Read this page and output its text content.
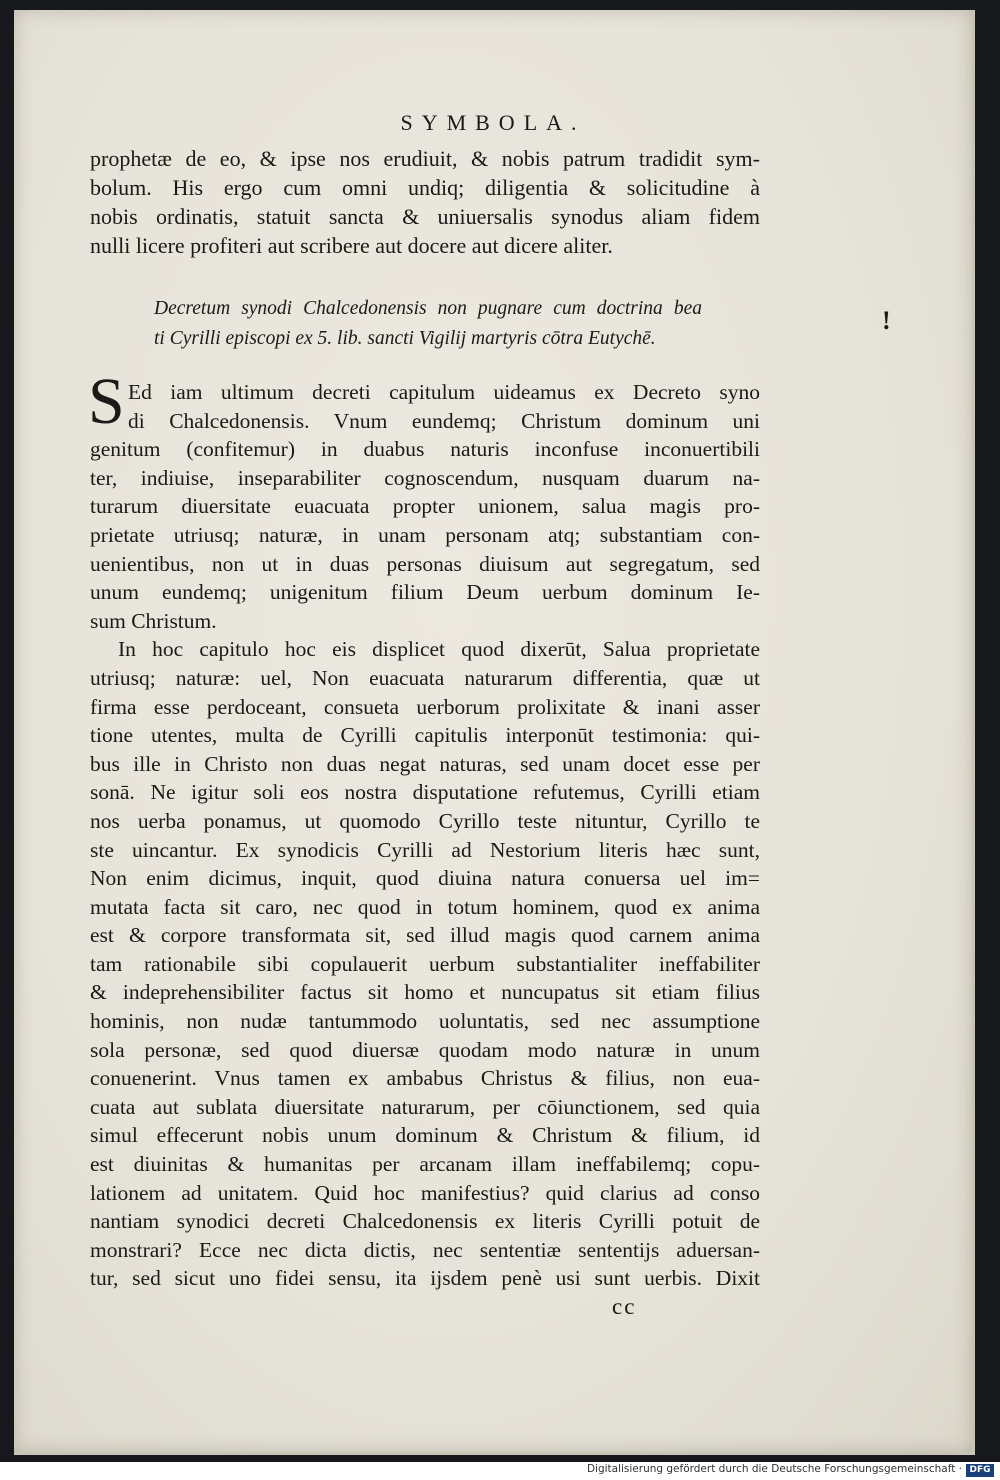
SYMBOLA.
prophetæ de eo, & ipse nos erudiuit, & nobis patrum tradidit sym-
bolum. His ergo cum omni undiq; diligentia & solicitudine à
nobis ordinatis, statuit sancta & uniuersalis synodus aliam fidem
nulli licere profiteri aut scribere aut docere aut dicere aliter.
Decretum synodi Chalcedonensis non pugnare cum doctrina bea
ti Cyrilli episcopi ex 5. lib. sancti Vigilij martyris cōtra Eutychē.
!
S Ed iam ultimum decreti capitulum uideamus ex Decreto syno
di Chalcedonensis. Vnum eundemq; Christum dominum uni
genitum (confitemur) in duabus naturis inconfuse inconuertibili
ter, indiuise, inseparabiliter cognoscendum, nusquam duarum na-
turarum diuersitate euacuata propter unionem, salua magis pro-
prietate utriusq; naturæ, in unam personam atq; substantiam con-
uenientibus, non ut in duas personas diuisum aut segregatum, sed
unum eundemq; unigenitum filium Deum uerbum dominum Ie-
sum Christum.
In hoc capitulo hoc eis displicet quod dixerūt, Salua proprietate
utriusq; naturæ: uel, Non euacuata naturarum differentia, quæ ut
firma esse perdoceant, consueta uerborum prolixitate & inani asser
tione utentes, multa de Cyrilli capitulis interponūt testimonia: qui-
bus ille in Christo non duas negat naturas, sed unam docet esse per
sonā. Ne igitur soli eos nostra disputatione refutemus, Cyrilli etiam
nos uerba ponamus, ut quomodo Cyrillo teste nituntur, Cyrillo te
ste uincantur. Ex synodicis Cyrilli ad Nestorium literis hæc sunt,
Non enim dicimus, inquit, quod diuina natura conuersa uel im=
mutata facta sit caro, nec quod in totum hominem, quod ex anima
est & corpore transformata sit, sed illud magis quod carnem anima
tam rationabile sibi copulauerit uerbum substantialiter ineffabiliter
& indeprehensibiliter factus sit homo et nuncupatus sit etiam filius
hominis, non nudæ tantummodo uoluntatis, sed nec assumptione
sola personæ, sed quod diuersæ quodam modo naturæ in unum
conuenerint. Vnus tamen ex ambabus Christus & filius, non eua-
cuata aut sublata diuersitate naturarum, per cōiunctionem, sed quia
simul effecerunt nobis unum dominum & Christum & filium, id
est diuinitas & humanitas per arcanam illam ineffabilemq; copu-
lationem ad unitatem. Quid hoc manifestius? quid clarius ad conso
nantiam synodici decreti Chalcedonensis ex literis Cyrilli potuit de
monstrari? Ecce nec dicta dictis, nec sententiæ sententijs aduersan-
tur, sed sicut uno fidei sensu, ita ijsdem penè usi sunt uerbis. Dixit
cc
Digitalisierung gefördert durch die Deutsche Forschungsgemeinschaft · DFG
